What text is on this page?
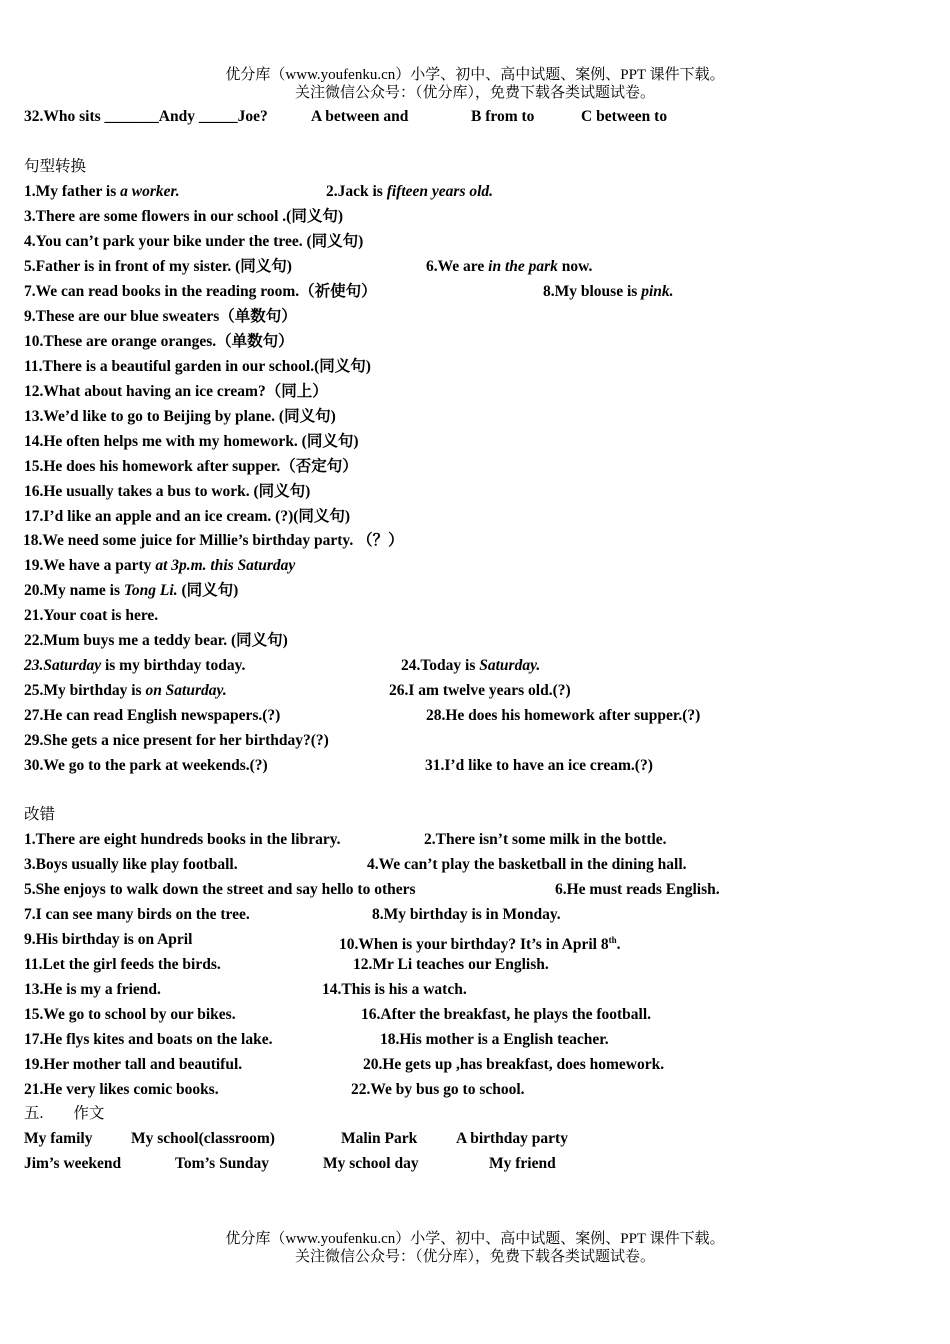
优分库（www.youfenku.cn）小学、初中、高中试题、案例、PPT 课件下载。
关注微信公众号：（优分库），免费下载各类试题试卷。
32.Who sits _______Andy _____Joe?	A between and	B from to	C between to
句型转换
1.My father is a worker.	2.Jack is fifteen years old.
3.There are some flowers in our school .(同义句)
4.You can’t park your bike under the tree. (同义句)
5.Father is in front of my sister. (同义句)	6.We are in the park now.
7.We can read books in the reading room.（祈使句）	8.My blouse is pink.
9.These are our blue sweaters（单数句）
10.These are orange oranges.（单数句）
11.There is a beautiful garden in our school.(同义句)
12.What about having an ice cream?（同上）
13.We’d like to go to Beijing by plane. (同义句)
14.He often helps me with my homework. (同义句)
15.He does his homework after supper.（否定句）
16.He usually takes a bus to work. (同义句)
17.I’d like an apple and an ice cream. (?)(同义句)
18.We need some juice for Millie’s birthday party. （？）
19.We have a party at 3p.m. this Saturday
20.My name is Tong Li. (同义句)
21.Your coat is here.
22.Mum buys me a teddy bear. (同义句)
23.Saturday is my birthday today.	24.Today is Saturday.
25.My birthday is on Saturday.	26.I am twelve years old.(?)
27.He can read English newspapers.(?)	28.He does his homework after supper.(?)
29.She gets a nice present for her birthday?(?)
30.We go to the park at weekends.(?)	31.I’d like to have an ice cream.(?)
改错
1.There are eight hundreds books in the library.	2.There isn’t some milk in the bottle.
3.Boys usually like play football.	4.We can’t play the basketball in the dining hall.
5.She enjoys to walk down the street and say hello to others	6.He must reads English.
7.I can see many birds on the tree.	8.My birthday is in Monday.
9.His birthday is on April	10.When is your birthday? It’s in April 8th.
11.Let the girl feeds the birds.	12.Mr Li teaches our English.
13.He is my a friend.	14.This is his a watch.
15.We go to school by our bikes.	16.After the breakfast, he plays the football.
17.He flys kites and boats on the lake.	18.His mother is a English teacher.
19.Her mother tall and beautiful.	20.He gets up ,has breakfast, does homework.
21.He very likes comic books.	22.We by bus go to school.
五. 作文
My family My school(classroom)	Malin Park	A birthday party
Jim’s weekend	Tom’s Sunday	My school day	My friend
优分库（www.youfenku.cn）小学、初中、高中试题、案例、PPT 课件下载。
关注微信公众号：（优分库），免费下载各类试题试卷。
